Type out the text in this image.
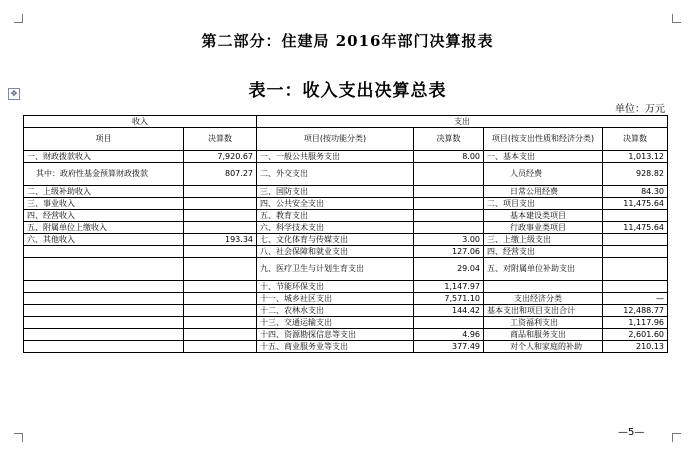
第二部分：住建局 2016年部门决算报表
表一：收入支出决算总表
✥
单位：万元
收入		支出			
项目	决算数	项目(按功能分类)	决算数	项目(按支出性质和经济分类)	决算数
一、财政拨款收入	7,920.67	一、一般公共服务支出	8.00	一、基本支出	1,013.12
其中：政府性基金预算财政拨款	807.27	二、外交支出		人员经费	928.82
二、上级补助收入		三、国防支出		日常公用经费	84.30
三、事业收入		四、公共安全支出		二、项目支出	11,475.64
四、经营收入		五、教育支出		基本建设类项目	
五、附属单位上缴收入		六、科学技术支出		行政事业类项目	11,475.64
六、其他收入	193.34	七、文化体育与传媒支出	3.00	三、上缴上级支出	
		八、社会保障和就业支出	127.06	四、经营支出	
		九、医疗卫生与计划生育支出	29.04	五、对附属单位补助支出	
		十、节能环保支出	1,147.97		
		十一、城乡社区支出	7,571.10	支出经济分类	—
		十二、农林水支出	144.42	基本支出和项目支出合计	12,488.77
		十三、交通运输支出		工资福利支出	1,117.96
		十四、资源勘探信息等支出	4.96	商品和服务支出	2,601.60
		十五、商业服务业等支出	377.49	对个人和家庭的补助	210.13
—5—
